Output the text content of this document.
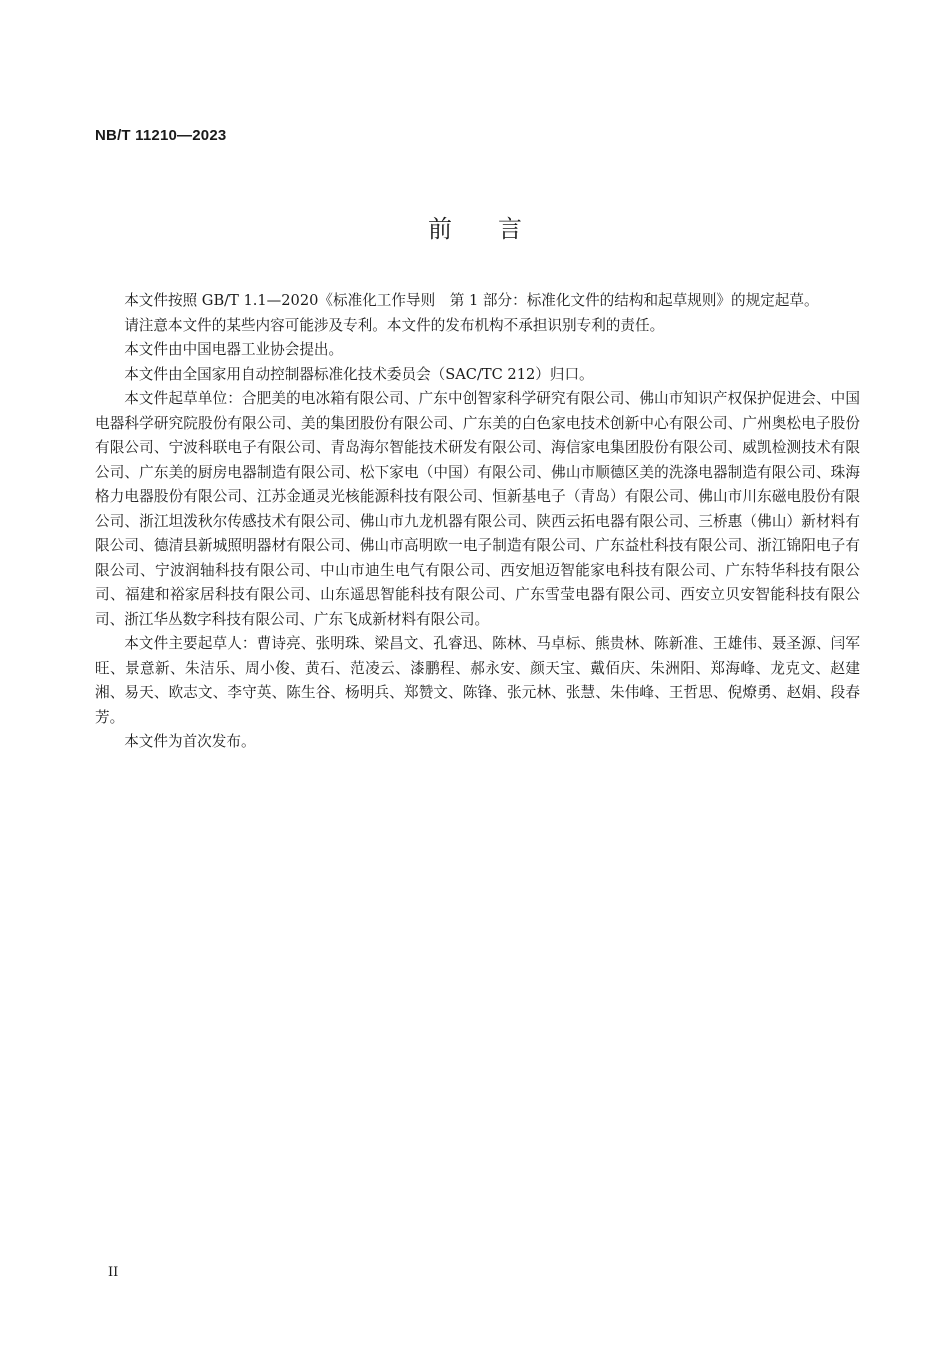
NB/T 11210—2023
前言

本文件按照 GB/T 1.1—2020《标准化工作导则　第 1 部分：标准化文件的结构和起草规则》的规定起草。

请注意本文件的某些内容可能涉及专利。本文件的发布机构不承担识别专利的责任。

本文件由中国电器工业协会提出。

本文件由全国家用自动控制器标准化技术委员会（SAC/TC 212）归口。

本文件起草单位：合肥美的电冰箱有限公司、广东中创智家科学研究有限公司、佛山市知识产权保护促进会、中国电器科学研究院股份有限公司、美的集团股份有限公司、广东美的白色家电技术创新中心有限公司、广州奥松电子股份有限公司、宁波科联电子有限公司、青岛海尔智能技术研发有限公司、海信家电集团股份有限公司、威凯检测技术有限公司、广东美的厨房电器制造有限公司、松下家电（中国）有限公司、佛山市顺德区美的洗涤电器制造有限公司、珠海格力电器股份有限公司、江苏金通灵光核能源科技有限公司、恒新基电子（青岛）有限公司、佛山市川东磁电股份有限公司、浙江坦泼秋尔传感技术有限公司、佛山市九龙机器有限公司、陕西云拓电器有限公司、三桥惠（佛山）新材料有限公司、德清县新城照明器材有限公司、佛山市高明欧一电子制造有限公司、广东益杜科技有限公司、浙江锦阳电子有限公司、宁波润轴科技有限公司、中山市迪生电气有限公司、西安旭迈智能家电科技有限公司、广东特华科技有限公司、福建和裕家居科技有限公司、山东遥思智能科技有限公司、广东雪莹电器有限公司、西安立贝安智能科技有限公司、浙江华丛数字科技有限公司、广东飞成新材料有限公司。

本文件主要起草人：曹诗亮、张明珠、梁昌文、孔睿迅、陈林、马卓标、熊贵林、陈新准、王雄伟、聂圣源、闫军旺、景意新、朱洁乐、周小俊、黄石、范凌云、漆鹏程、郝永安、颜天宝、戴佰庆、朱洲阳、郑海峰、龙克文、赵建湘、易天、欧志文、李守英、陈生谷、杨明兵、郑赞文、陈锋、张元林、张慧、朱伟峰、王哲思、倪燎勇、赵娟、段春芳。

本文件为首次发布。

II
